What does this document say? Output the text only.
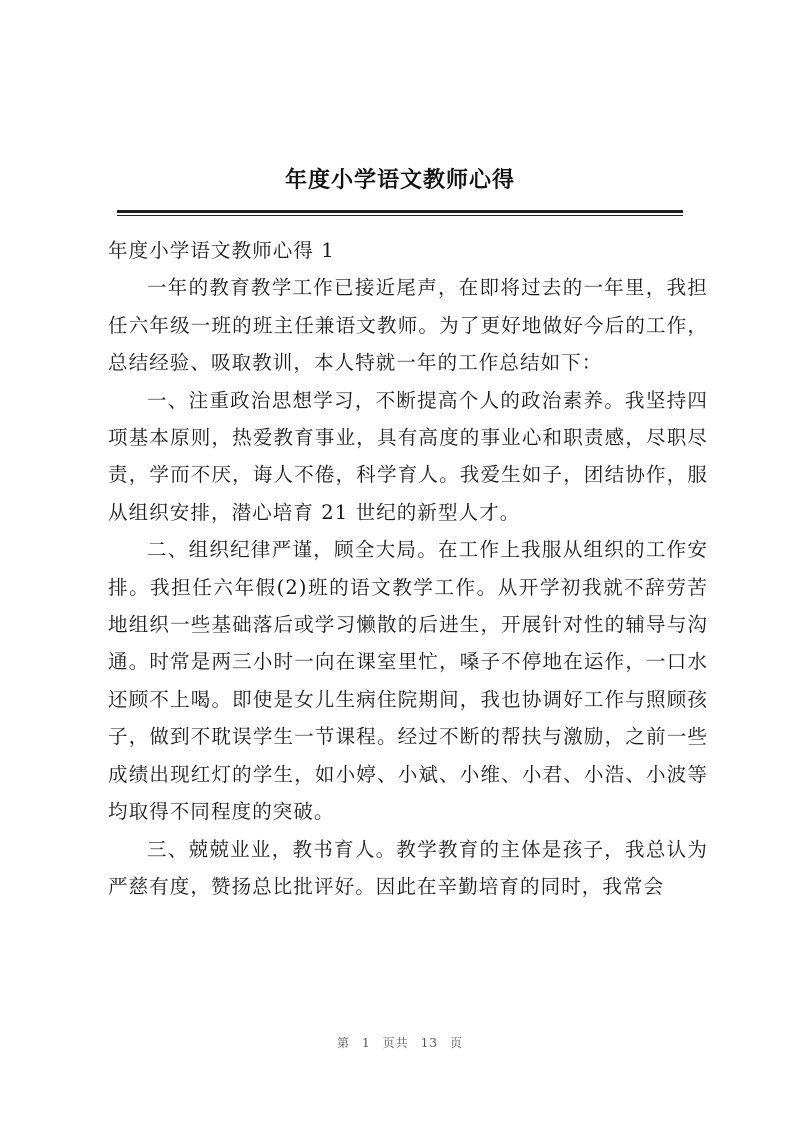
年度小学语文教师心得

年度小学语文教师心得 1

一年的教育教学工作已接近尾声，在即将过去的一年里，我担任六年级一班的班主任兼语文教师。为了更好地做好今后的工作，总结经验、吸取教训，本人特就一年的工作总结如下：

一、注重政治思想学习，不断提高个人的政治素养。我坚持四项基本原则，热爱教育事业，具有高度的事业心和职责感，尽职尽责，学而不厌，诲人不倦，科学育人。我爱生如子，团结协作，服从组织安排，潜心培育 21 世纪的新型人才。

二、组织纪律严谨，顾全大局。在工作上我服从组织的工作安排。我担任六年假(2)班的语文教学工作。从开学初我就不辞劳苦地组织一些基础落后或学习懒散的后进生，开展针对性的辅导与沟通。时常是两三小时一向在课室里忙，嗓子不停地在运作，一口水还顾不上喝。即使是女儿生病住院期间，我也协调好工作与照顾孩子，做到不耽误学生一节课程。经过不断的帮扶与激励，之前一些成绩出现红灯的学生，如小婷、小斌、小维、小君、小浩、小波等均取得不同程度的突破。

三、兢兢业业，教书育人。教学教育的主体是孩子，我总认为严慈有度，赞扬总比批评好。因此在辛勤培育的同时，我常会

第 1 页共 13 页
